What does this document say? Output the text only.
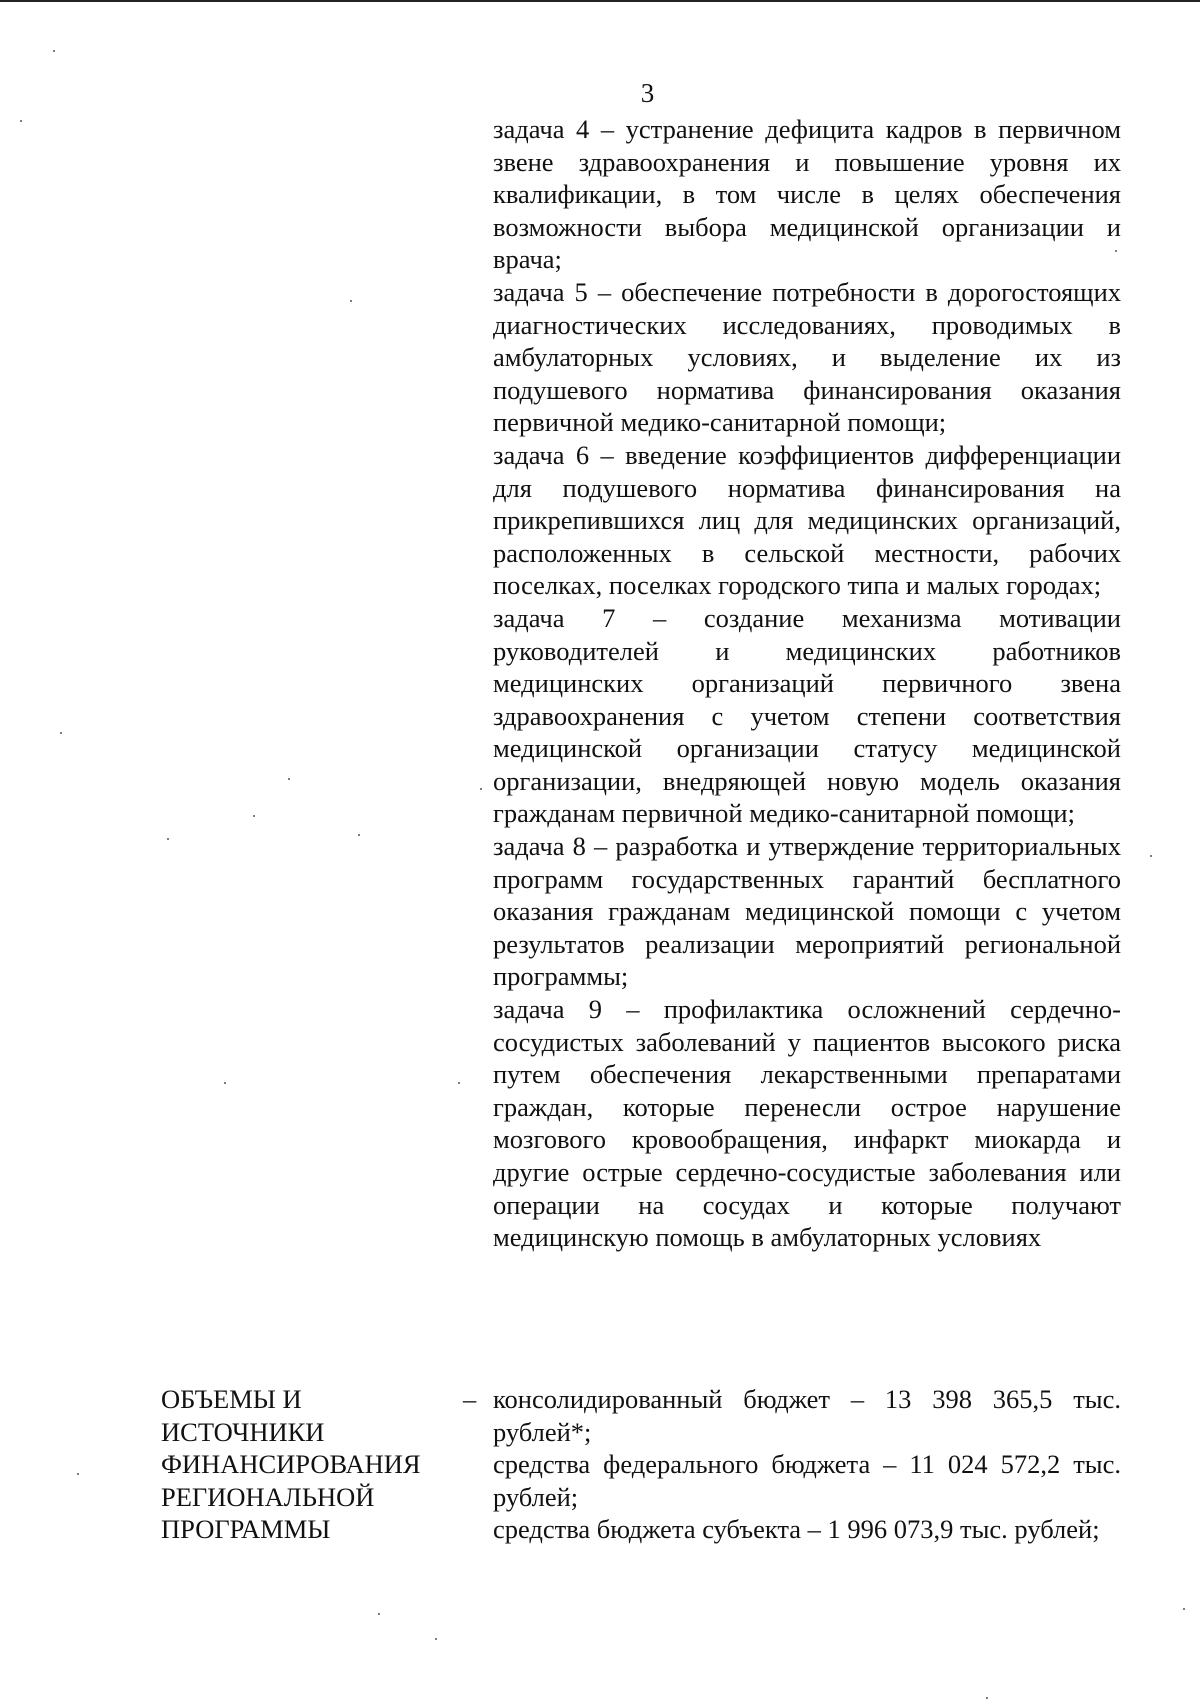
3

задача 4 – устранение дефицита кадров в первичном звене здравоохранения и повышение уровня их квалификации, в том числе в целях обеспечения возможности выбора медицинской организации и врача;

задача 5 – обеспечение потребности в дорогостоящих диагностических исследованиях, проводимых в амбулаторных условиях, и выделение их из подушевого норматива финансирования оказания первичной медико-санитарной помощи;

задача 6 – введение коэффициентов дифференциации для подушевого норматива финансирования на прикрепившихся лиц для медицинских организаций, расположенных в сельской местности, рабочих поселках, поселках городского типа и малых городах;

задача 7 – создание механизма мотивации руководителей и медицинских работников медицинских организаций первичного звена здравоохранения с учетом степени соответствия медицинской организации статусу медицинской организации, внедряющей новую модель оказания гражданам первичной медико-санитарной помощи;

задача 8 – разработка и утверждение территориальных программ государственных гарантий бесплатного оказания гражданам медицинской помощи с учетом результатов реализации мероприятий региональной программы;

задача 9 – профилактика осложнений сердечно-сосудистых заболеваний у пациентов высокого риска путем обеспечения лекарственными препаратами граждан, которые перенесли острое нарушение мозгового кровообращения, инфаркт миокарда и другие острые сердечно-сосудистые заболевания или операции на сосудах и которые получают медицинскую помощь в амбулаторных условиях

ОБЪЕМЫ И
ИСТОЧНИКИ
ФИНАНСИРОВАНИЯ
РЕГИОНАЛЬНОЙ
ПРОГРАММЫ
– консолидированный бюджет – 13 398 365,5 тыс. рублей*;

средства федерального бюджета – 11 024 572,2 тыс. рублей;

средства бюджета субъекта – 1 996 073,9 тыс. рублей;
